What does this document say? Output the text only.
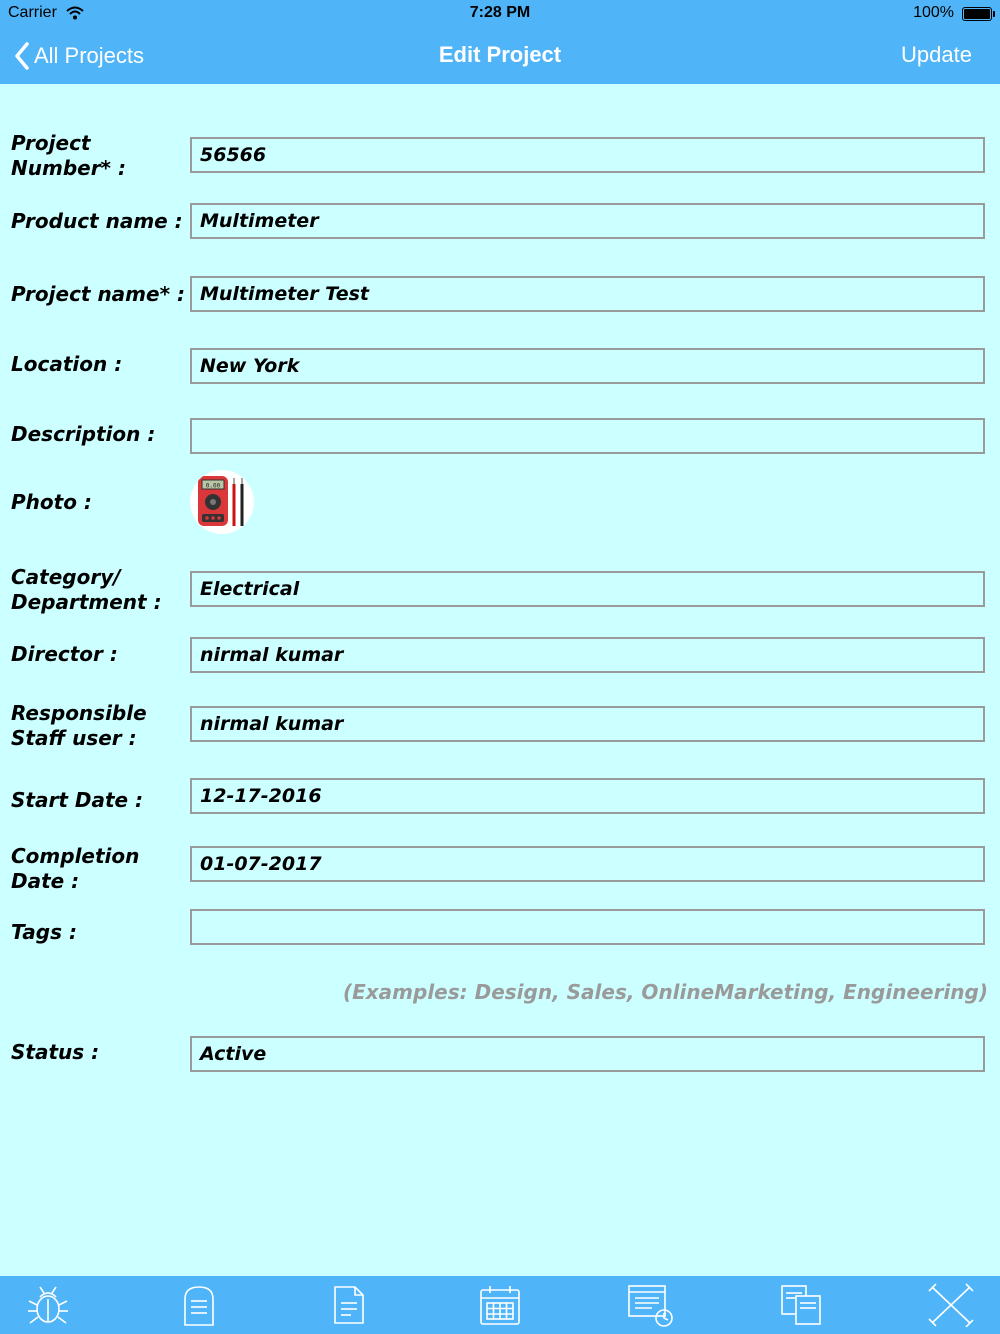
Carrier	7:28 PM	100%
All Projects	Edit Project	Update
Project
Number* :
56566
Product name : Multimeter
Project name* : Multimeter Test
Location :	New York
Description :
Photo :
0.00
Category/
Department :
Electrical
Director :	nirmal kumar
Responsible
Staff user :
nirmal kumar
Start Date :	12-17-2016
Completion
Date :
01-07-2017
Tags :
(Examples: Design, Sales, OnlineMarketing, Engineering)
Status :	Active
